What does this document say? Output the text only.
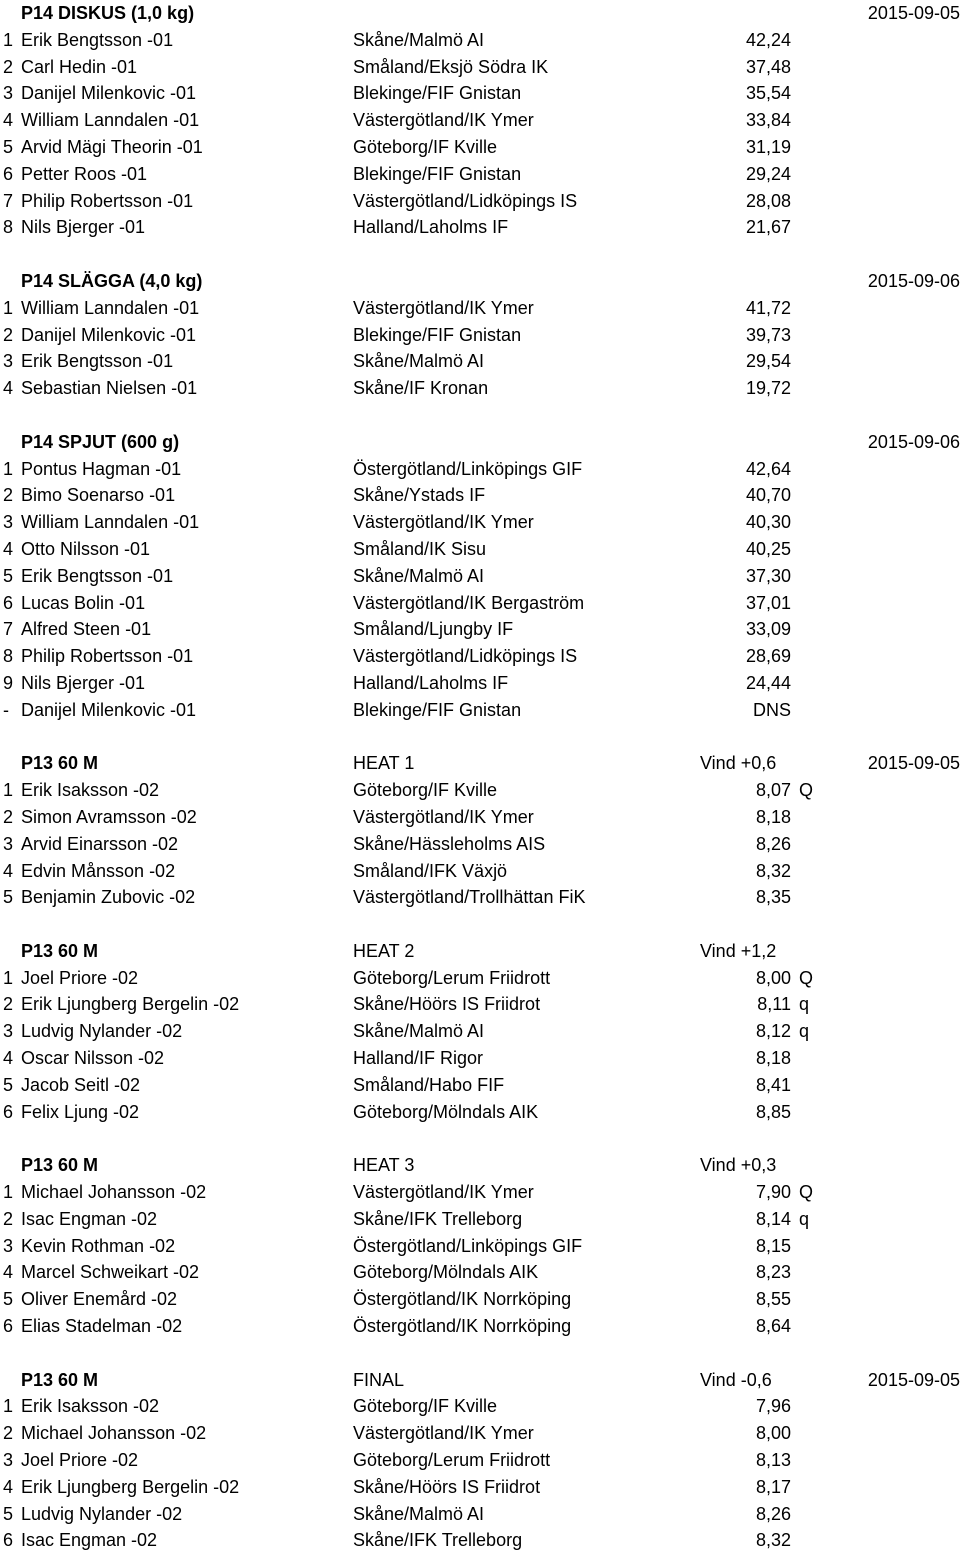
P14 DISKUS (1,0 kg)	2015-09-05
1 Erik Bengtsson -01	Skåne/Malmö AI	42,24
2 Carl Hedin -01	Småland/Eksjö Södra IK	37,48
3 Danijel Milenkovic -01	Blekinge/FIF Gnistan	35,54
4 William Lanndalen -01	Västergötland/IK Ymer	33,84
5 Arvid Mägi Theorin -01	Göteborg/IF Kville	31,19
6 Petter Roos -01	Blekinge/FIF Gnistan	29,24
7 Philip Robertsson -01	Västergötland/Lidköpings IS	28,08
8 Nils Bjerger -01	Halland/Laholms IF	21,67
P14 SLÄGGA (4,0 kg)	2015-09-06
1 William Lanndalen -01	Västergötland/IK Ymer	41,72
2 Danijel Milenkovic -01	Blekinge/FIF Gnistan	39,73
3 Erik Bengtsson -01	Skåne/Malmö AI	29,54
4 Sebastian Nielsen -01	Skåne/IF Kronan	19,72
P14 SPJUT (600 g)	2015-09-06
1 Pontus Hagman -01	Östergötland/Linköpings GIF	42,64
2 Bimo Soenarso -01	Skåne/Ystads IF	40,70
3 William Lanndalen -01	Västergötland/IK Ymer	40,30
4 Otto Nilsson -01	Småland/IK Sisu	40,25
5 Erik Bengtsson -01	Skåne/Malmö AI	37,30
6 Lucas Bolin -01	Västergötland/IK Bergaström	37,01
7 Alfred Steen -01	Småland/Ljungby IF	33,09
8 Philip Robertsson -01	Västergötland/Lidköpings IS	28,69
9 Nils Bjerger -01	Halland/Laholms IF	24,44
- Danijel Milenkovic -01	Blekinge/FIF Gnistan	DNS
P13 60 M	HEAT 1	Vind +0,6	2015-09-05
1 Erik Isaksson -02	Göteborg/IF Kville	8,07 Q
2 Simon Avramsson -02	Västergötland/IK Ymer	8,18
3 Arvid Einarsson -02	Skåne/Hässleholms AIS	8,26
4 Edvin Månsson -02	Småland/IFK Växjö	8,32
5 Benjamin Zubovic -02	Västergötland/Trollhättan FiK	8,35
P13 60 M	HEAT 2	Vind +1,2
1 Joel Priore -02	Göteborg/Lerum Friidrott	8,00 Q
2 Erik Ljungberg Bergelin -02	Skåne/Höörs IS Friidrot	8,11 q
3 Ludvig Nylander -02	Skåne/Malmö AI	8,12 q
4 Oscar Nilsson -02	Halland/IF Rigor	8,18
5 Jacob Seitl -02	Småland/Habo FIF	8,41
6 Felix Ljung -02	Göteborg/Mölndals AIK	8,85
P13 60 M	HEAT 3	Vind +0,3
1 Michael Johansson -02	Västergötland/IK Ymer	7,90 Q
2 Isac Engman -02	Skåne/IFK Trelleborg	8,14 q
3 Kevin Rothman -02	Östergötland/Linköpings GIF	8,15
4 Marcel Schweikart -02	Göteborg/Mölndals AIK	8,23
5 Oliver Enemård -02	Östergötland/IK Norrköping	8,55
6 Elias Stadelman -02	Östergötland/IK Norrköping	8,64
P13 60 M	FINAL	Vind -0,6	2015-09-05
1 Erik Isaksson -02	Göteborg/IF Kville	7,96
2 Michael Johansson -02	Västergötland/IK Ymer	8,00
3 Joel Priore -02	Göteborg/Lerum Friidrott	8,13
4 Erik Ljungberg Bergelin -02	Skåne/Höörs IS Friidrot	8,17
5 Ludvig Nylander -02	Skåne/Malmö AI	8,26
6 Isac Engman -02	Skåne/IFK Trelleborg	8,32
